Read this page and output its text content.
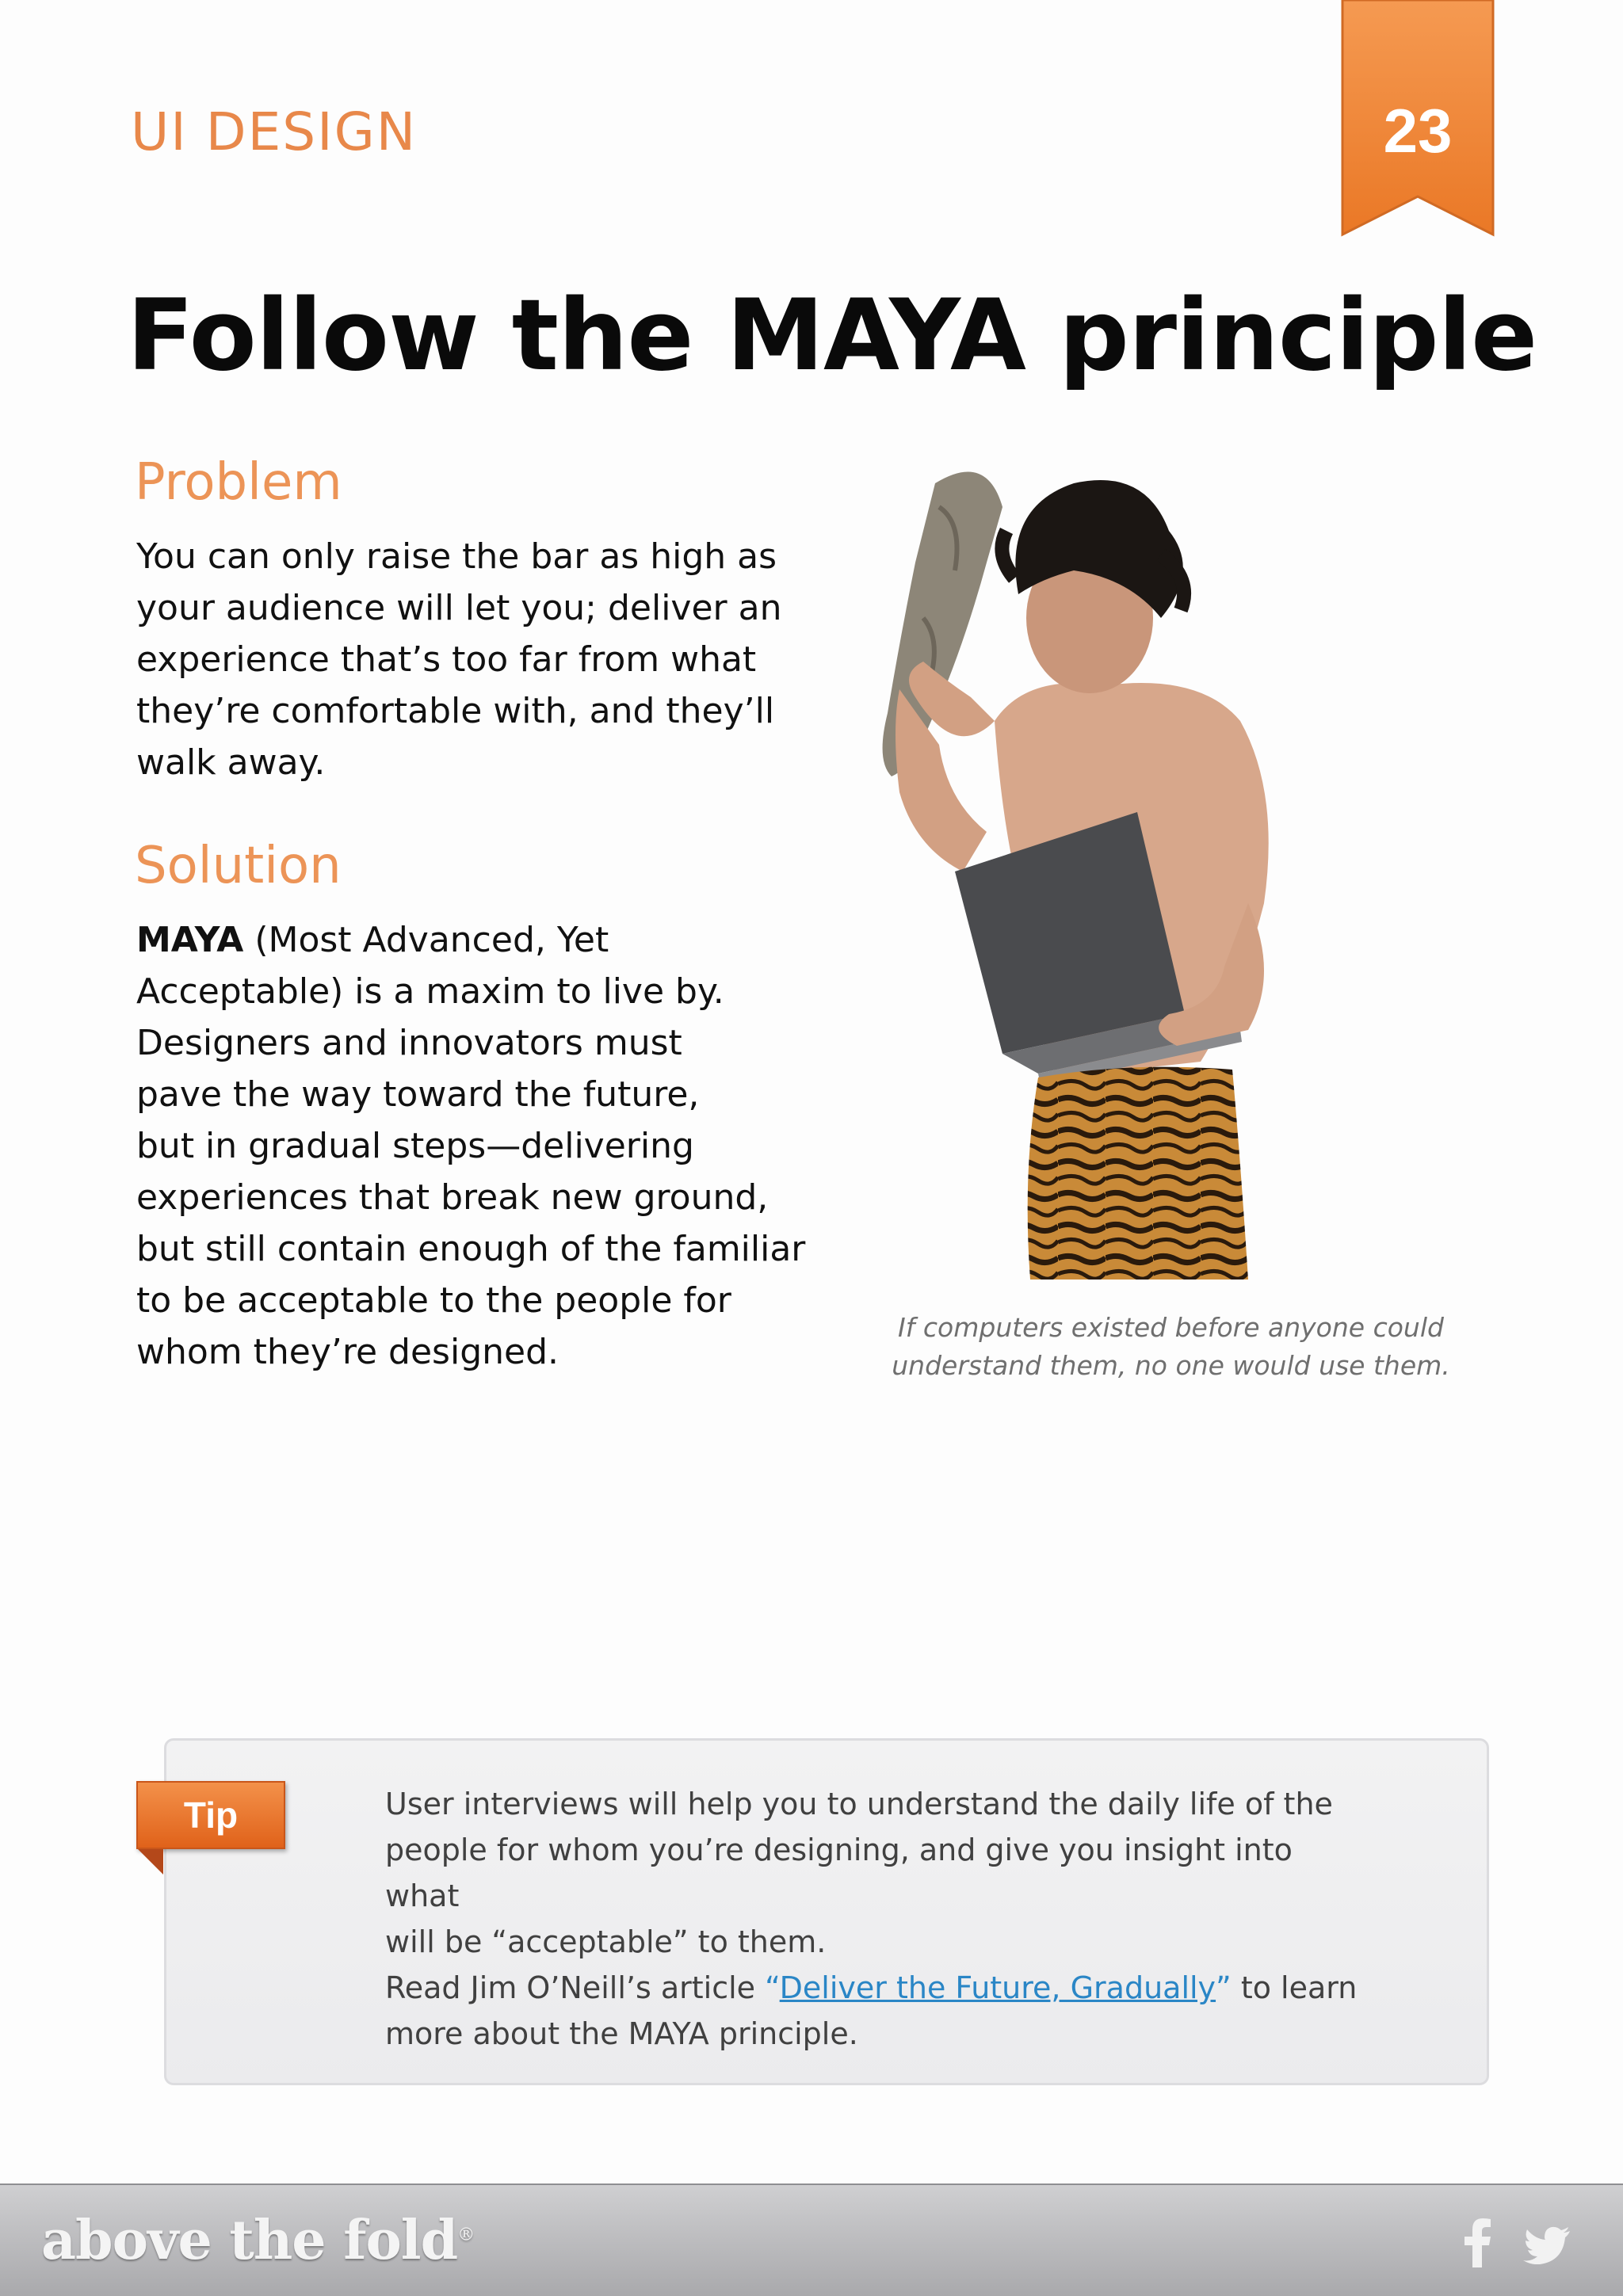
UI DESIGN	23
Follow the MAYA principle
Problem
You can only raise the bar as high as
your audience will let you; deliver an
experience that’s too far from what
they’re comfortable with, and they’ll
walk away.
Solution
MAYA (Most Advanced, Yet
Acceptable) is a maxim to live by.
Designers and innovators must
pave the way toward the future,
but in gradual steps—delivering
experiences that break new ground,
but still contain enough of the familiar
to be acceptable to the people for
whom they’re designed.
If computers existed before anyone could
understand them, no one would use them.
Tip	User interviews will help you to understand the daily life of the
people for whom you’re designing, and give you insight into what
will be “acceptable” to them.
Read Jim O’Neill’s article “Deliver the Future, Gradually” to learn
more about the MAYA principle.
above the fold®
